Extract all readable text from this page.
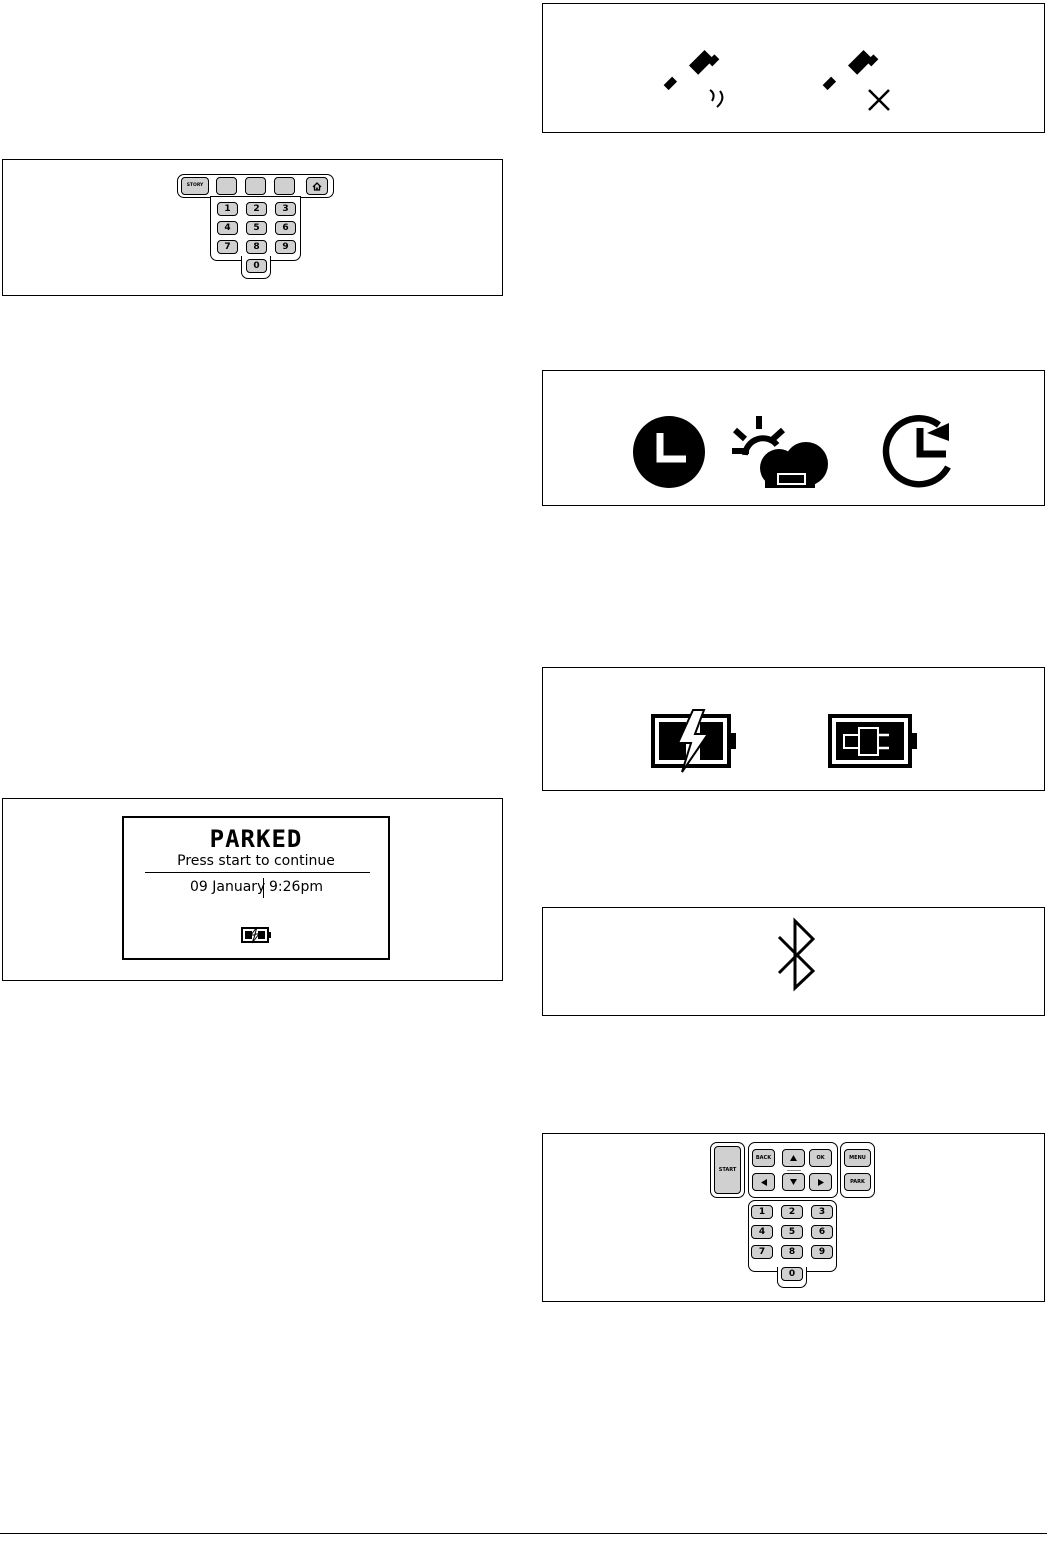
STORY
1	2	3
4	5	6
7	8	9
0
PARKED
Press start to continue
09 January 9:26pm
START
BACK	OK	MENU
PARK
1	2	3
4	5	6
7	8	9
0
